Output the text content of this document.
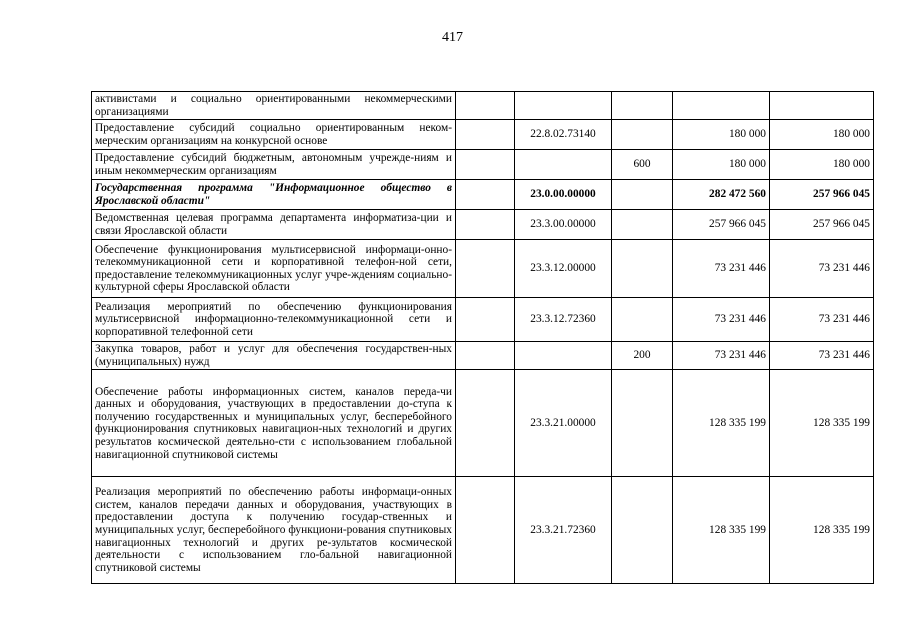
417
активистами и социально ориентированными некоммерческими организациями					
Предоставление субсидий социально ориентированным неком-мерческим организациям на конкурсной основе		22.8.02.73140		180 000	180 000
Предоставление субсидий бюджетным, автономным учрежде-ниям и иным некоммерческим организациям			600	180 000	180 000
Государственная программа "Информационное общество в Ярославской области"		23.0.00.00000		282 472 560	257 966 045
Ведомственная целевая программа департамента информатиза-ции и связи Ярославской области		23.3.00.00000		257 966 045	257 966 045
Обеспечение функционирования мультисервисной информаци-онно-телекоммуникационной сети и корпоративной телефон-ной сети, предоставление телекоммуникационных услуг учре-ждениям социально-культурной сферы Ярославской области		23.3.12.00000		73 231 446	73 231 446
Реализация мероприятий по обеспечению функционирования мультисервисной информационно-телекоммуникационной сети и корпоративной телефонной сети		23.3.12.72360		73 231 446	73 231 446
Закупка товаров, работ и услуг для обеспечения государствен-ных (муниципальных) нужд			200	73 231 446	73 231 446
Обеспечение работы информационных систем, каналов переда-чи данных и оборудования, участвующих в предоставлении до-ступа к получению государственных и муниципальных услуг, бесперебойного функционирования спутниковых навигацион-ных технологий и других результатов космической деятельно-сти с использованием глобальной навигационной спутниковой системы		23.3.21.00000		128 335 199	128 335 199
Реализация мероприятий по обеспечению работы информаци-онных систем, каналов передачи данных и оборудования, участвующих в предоставлении доступа к получению госудaр-ственных и муниципальных услуг, бесперебойного функциони-рования спутниковых навигационных технологий и других ре-зультатов космической деятельности с использованием гло-бальной навигационной спутниковой системы		23.3.21.72360		128 335 199	128 335 199
